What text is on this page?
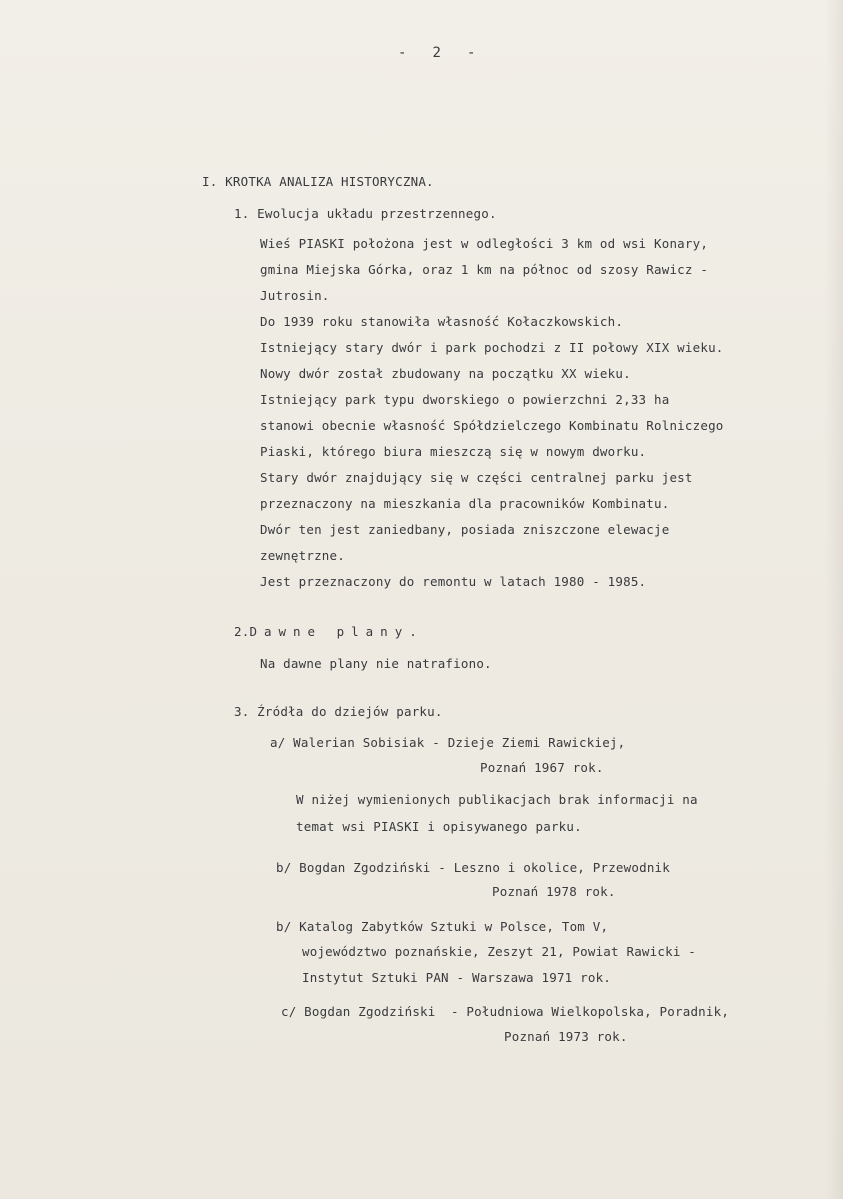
-   2   -
I. KROTKA ANALIZA HISTORYCZNA.
1. Ewolucja układu przestrzennego.
Wieś PIASKI położona jest w odległości 3 km od wsi Konary,
gmina Miejska Górka, oraz 1 km na północ od szosy Rawicz -
Jutrosin.
Do 1939 roku stanowiła własność Kołaczkowskich.
Istniejący stary dwór i park pochodzi z II połowy XIX wieku.
Nowy dwór został zbudowany na początku XX wieku.
Istniejący park typu dworskiego o powierzchni 2,33 ha
stanowi obecnie własność Spółdzielczego Kombinatu Rolniczego
Piaski, którego biura mieszczą się w nowym dworku.
Stary dwór znajdujący się w części centralnej parku jest
przeznaczony na mieszkania dla pracowników Kombinatu.
Dwór ten jest zaniedbany, posiada zniszczone elewacje
zewnętrzne.
Jest przeznaczony do remontu w latach 1980 - 1985.
2.Dawne plany.
Na dawne plany nie natrafiono.
3. Źródła do dziejów parku.
a/ Walerian Sobisiak - Dzieje Ziemi Rawickiej,
Poznań 1967 rok.
W niżej wymienionych publikacjach brak informacji na
temat wsi PIASKI i opisywanego parku.
b/ Bogdan Zgodziński - Leszno i okolice, Przewodnik
Poznań 1978 rok.
b/ Katalog Zabytków Sztuki w Polsce, Tom V,
województwo poznańskie, Zeszyt 21, Powiat Rawicki -
Instytut Sztuki PAN - Warszawa 1971 rok.
c/ Bogdan Zgodziński  - Południowa Wielkopolska, Poradnik,
Poznań 1973 rok.
